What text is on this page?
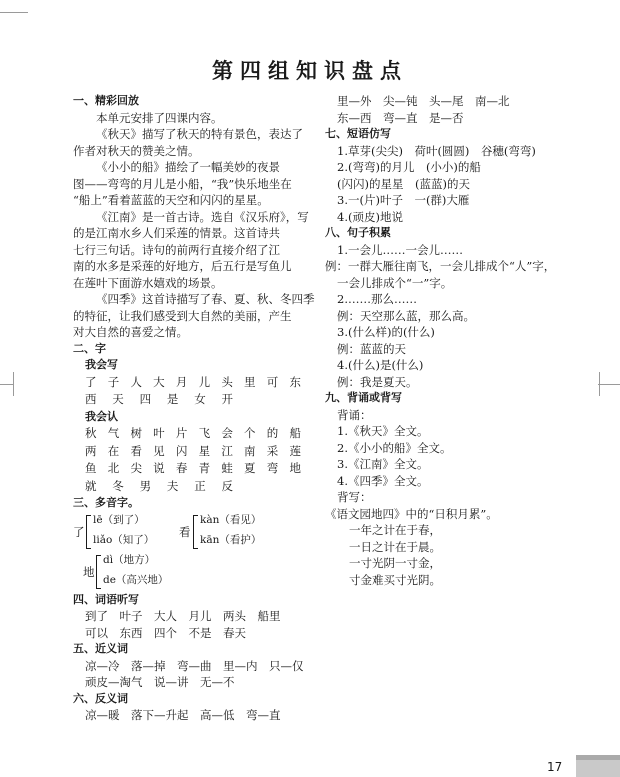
第四组知识盘点
一、精彩回放
本单元安排了四课内容。
《秋天》描写了秋天的特有景色，表达了
作者对秋天的赞美之情。
《小小的船》描绘了一幅美妙的夜景
图——弯弯的月儿是小船，“我”快乐地坐在
“船上”看着蓝蓝的天空和闪闪的星星。
《江南》是一首古诗。选自《汉乐府》，写
的是江南水乡人们采莲的情景。这首诗共
七行三句话。诗句的前两行直接介绍了江
南的水多是采莲的好地方，后五行是写鱼儿
在莲叶下面游水嬉戏的场景。
《四季》这首诗描写了春、夏、秋、冬四季
的特征，让我们感受到大自然的美丽，产生
对大自然的喜爱之情。
二、字
我会写
了 子 人 大 月 儿 头 里 可 东
西 天 四 是 女 开
我会认
秋 气 树 叶 片 飞 会 个 的 船
两 在 看 见 闪 星 江 南 采 莲
鱼 北 尖 说 春 青 蛙 夏 弯 地
就 冬 男 夫 正 反
三、多音字。
了
lē（到了）
liǎo（知了）
看
kàn（看见）
kān（看护）
地
dì（地方）
de（高兴地）
四、词语听写
到了　叶子　大人　月儿　两头　船里
可以　东西　四个　不是　春天
五、近义词
凉—冷　落—掉　弯—曲　里—内　只—仅
顽皮—淘气　说—讲　无—不
六、反义词
凉—暖　落下—升起　高—低　弯—直
里—外　尖—钝　头—尾　南—北
东—西　弯—直　是—否
七、短语仿写
1.草芽(尖尖)　荷叶(圆圆)　谷穗(弯弯)
2.(弯弯)的月儿　(小小)的船
(闪闪)的星星　(蓝蓝)的天
3.一(片)叶子　一(群)大雁
4.(顽皮)地说
八、句子积累
1.一会儿……一会儿……
例：一群大雁往南飞，一会儿排成个“人”字，
一会儿排成个“一”字。
2.……那么……
例：天空那么蓝，那么高。
3.(什么样)的(什么)
例：蓝蓝的天
4.(什么)是(什么)
例：我是夏天。
九、背诵或背写
背诵：
1.《秋天》全文。
2.《小小的船》全文。
3.《江南》全文。
4.《四季》全文。
背写：
《语文园地四》中的“日积月累”。
一年之计在于春，
一日之计在于晨。
一寸光阴一寸金，
寸金难买寸光阴。
17
